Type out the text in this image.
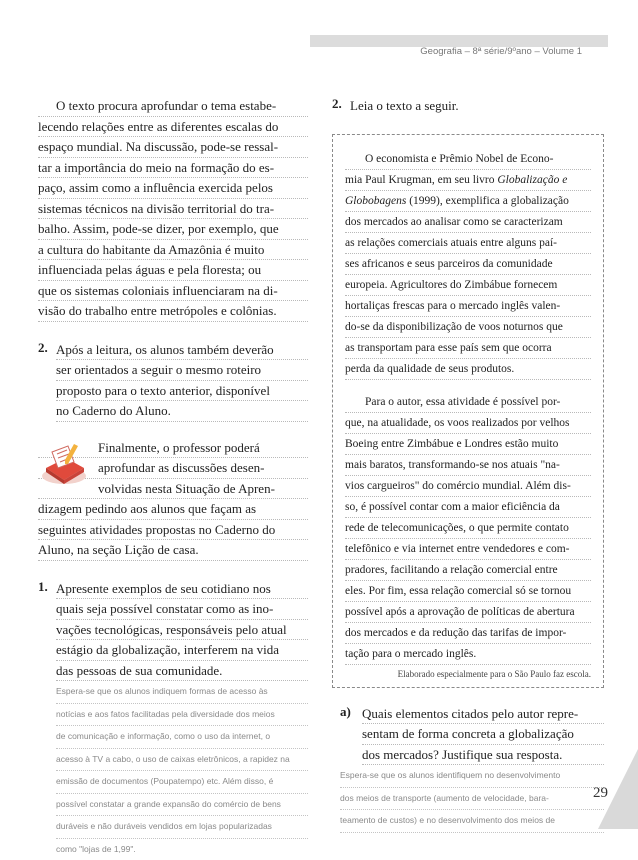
Geografia – 8ª série/9ºano – Volume 1

O texto procura aprofundar o tema estabe-
lecendo relações entre as diferentes escalas do
espaço mundial. Na discussão, pode-se ressal-
tar a importância do meio na formação do es-
paço, assim como a influência exercida pelos
sistemas técnicos na divisão territorial do tra-
balho. Assim, pode-se dizer, por exemplo, que
a cultura do habitante da Amazônia é muito
influenciada pelas águas e pela floresta; ou
que os sistemas coloniais influenciaram na di-
visão do trabalho entre metrópoles e colônias.

2. Após a leitura, os alunos também deverão
ser orientados a seguir o mesmo roteiro
proposto para o texto anterior, disponível
no Caderno do Aluno.

Finalmente, o professor poderá
aprofundar as discussões desen-
volvidas nesta Situação de Apren-
dizagem pedindo aos alunos que façam as
seguintes atividades propostas no Caderno do
Aluno, na seção Lição de casa.

1. Apresente exemplos de seu cotidiano nos
quais seja possível constatar como as ino-
vações tecnológicas, responsáveis pelo atual
estágio da globalização, interferem na vida
das pessoas de sua comunidade.

Espera-se que os alunos indiquem formas de acesso às
notícias e aos fatos facilitadas pela diversidade dos meios
de comunicação e informação, como o uso da internet, o
acesso à TV a cabo, o uso de caixas eletrônicos, a rapidez na
emissão de documentos (Poupatempo) etc. Além disso, é
possível constatar a grande expansão do comércio de bens
duráveis e não duráveis vendidos em lojas popularizadas
como "lojas de 1,99".
2. Leia o texto a seguir.

O economista e Prêmio Nobel de Econo-
mia Paul Krugman, em seu livro Globalização e
Globobagens (1999), exemplifica a globalização
dos mercados ao analisar como se caracterizam
as relações comerciais atuais entre alguns paí-
ses africanos e seus parceiros da comunidade
europeia. Agricultores do Zimbábue fornecem
hortaliças frescas para o mercado inglês valen-
do-se da disponibilização de voos noturnos que
as transportam para esse país sem que ocorra
perda da qualidade de seus produtos.

Para o autor, essa atividade é possível por-
que, na atualidade, os voos realizados por velhos
Boeing entre Zimbábue e Londres estão muito
mais baratos, transformando-se nos atuais "na-
vios cargueiros" do comércio mundial. Além dis-
so, é possível contar com a maior eficiência da
rede de telecomunicações, o que permite contato
telefônico e via internet entre vendedores e com-
pradores, facilitando a relação comercial entre
eles. Por fim, essa relação comercial só se tornou
possível após a aprovação de políticas de abertura
dos mercados e da redução das tarifas de impor-
tação para o mercado inglês.

Elaborado especialmente para o São Paulo faz escola.
a) Quais elementos citados pelo autor repre-
sentam de forma concreta a globalização
dos mercados? Justifique sua resposta.

Espera-se que os alunos identifiquem no desenvolvimento
dos meios de transporte (aumento de velocidade, bara-
teamento de custos) e no desenvolvimento dos meios de
29
